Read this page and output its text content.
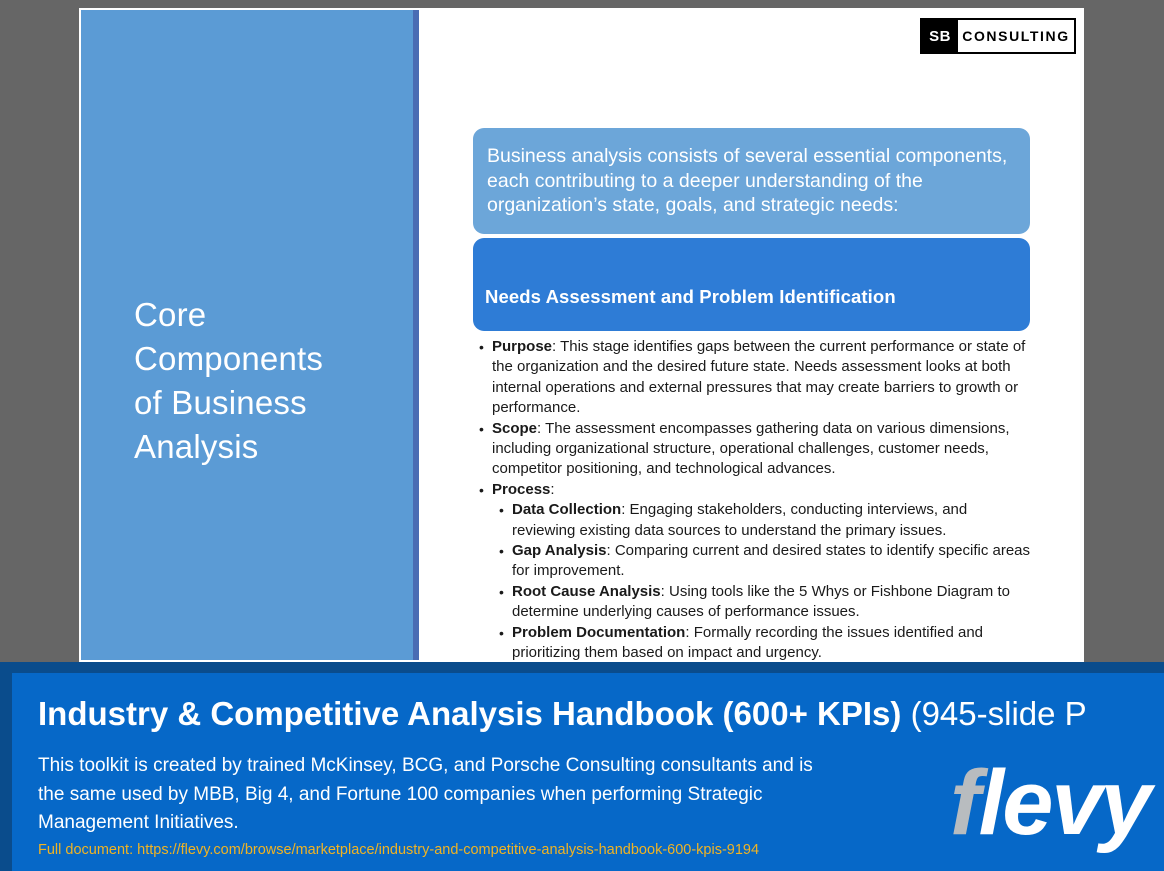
Core
Components
of Business
Analysis
SB CONSULTING
Business analysis consists of several essential components, each contributing to a deeper understanding of the organization’s state, goals, and strategic needs:
Needs Assessment and Problem Identification
• Purpose: This stage identifies gaps between the current performance or state of the organization and the desired future state. Needs assessment looks at both internal operations and external pressures that may create barriers to growth or performance.
• Scope: The assessment encompasses gathering data on various dimensions, including organizational structure, operational challenges, customer needs, competitor positioning, and technological advances.
• Process:
• Data Collection: Engaging stakeholders, conducting interviews, and reviewing existing data sources to understand the primary issues.
• Gap Analysis: Comparing current and desired states to identify specific areas for improvement.
• Root Cause Analysis: Using tools like the 5 Whys or Fishbone Diagram to determine underlying causes of performance issues.
• Problem Documentation: Formally recording the issues identified and prioritizing them based on impact and urgency.
Industry & Competitive Analysis Handbook (600+ KPIs) (945-slide P
This toolkit is created by trained McKinsey, BCG, and Porsche Consulting consultants and is the same used by MBB, Big 4, and Fortune 100 companies when performing Strategic Management Initiatives.
Full document: https://flevy.com/browse/marketplace/industry-and-competitive-analysis-handbook-600-kpis-9194 flevy
